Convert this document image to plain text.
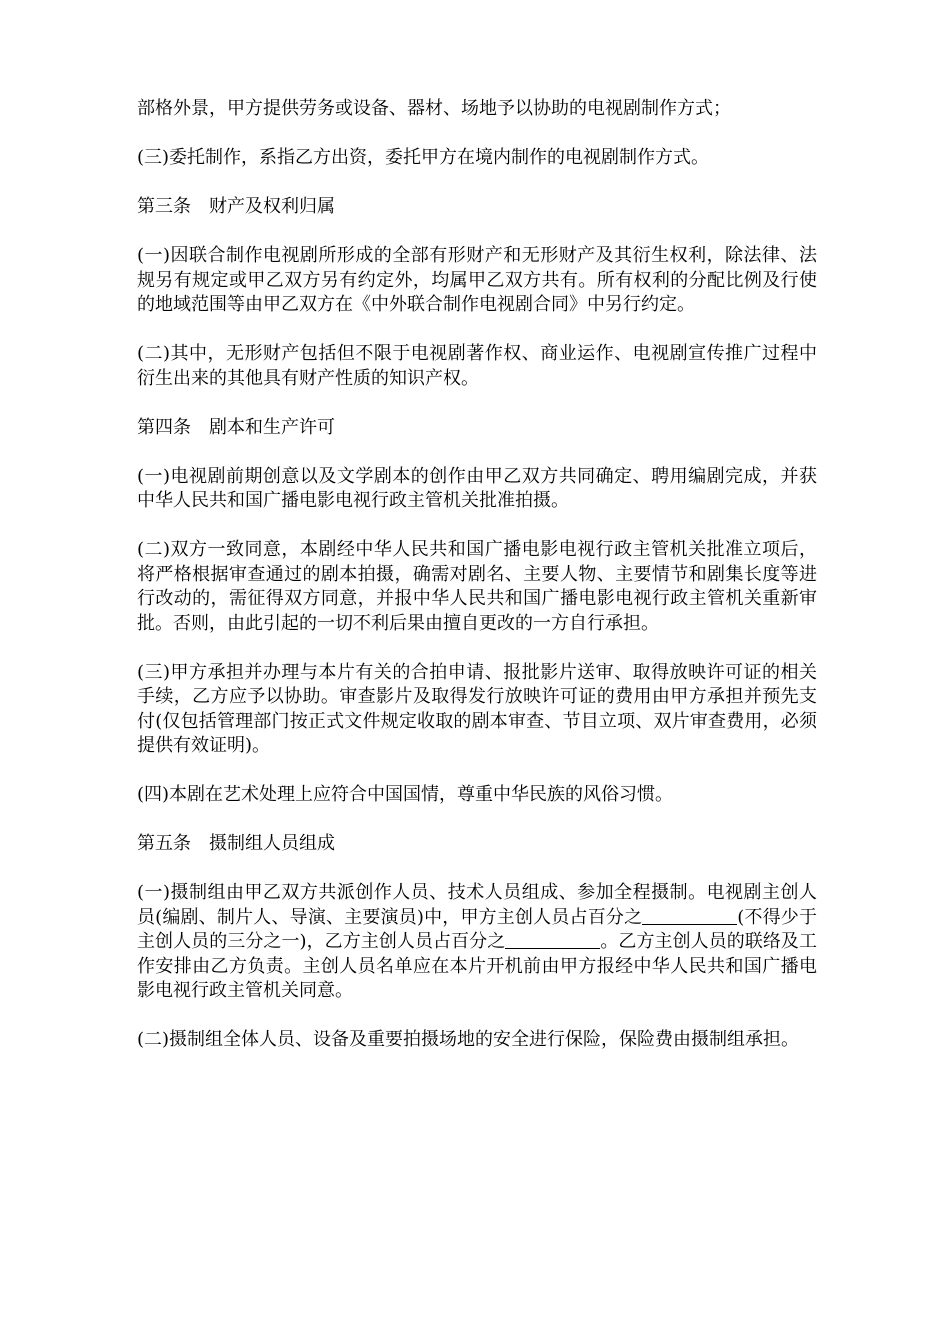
部格外景，甲方提供劳务或设备、器材、场地予以协助的电视剧制作方式；

(三)委托制作，系指乙方出资，委托甲方在境内制作的电视剧制作方式。

第三条　财产及权利归属

(一)因联合制作电视剧所形成的全部有形财产和无形财产及其衍生权利，除法律、法规另有规定或甲乙双方另有约定外，均属甲乙双方共有。所有权利的分配比例及行使的地域范围等由甲乙双方在《中外联合制作电视剧合同》中另行约定。

(二)其中，无形财产包括但不限于电视剧著作权、商业运作、电视剧宣传推广过程中衍生出来的其他具有财产性质的知识产权。

第四条　剧本和生产许可

(一)电视剧前期创意以及文学剧本的创作由甲乙双方共同确定、聘用编剧完成，并获中华人民共和国广播电影电视行政主管机关批准拍摄。

(二)双方一致同意，本剧经中华人民共和国广播电影电视行政主管机关批准立项后，将严格根据审查通过的剧本拍摄，确需对剧名、主要人物、主要情节和剧集长度等进行改动的，需征得双方同意，并报中华人民共和国广播电影电视行政主管机关重新审批。否则，由此引起的一切不利后果由擅自更改的一方自行承担。

(三)甲方承担并办理与本片有关的合拍申请、报批影片送审、取得放映许可证的相关手续，乙方应予以协助。审查影片及取得发行放映许可证的费用由甲方承担并预先支付(仅包括管理部门按正式文件规定收取的剧本审查、节目立项、双片审查费用，必须提供有效证明)。

(四)本剧在艺术处理上应符合中国国情，尊重中华民族的风俗习惯。

第五条　摄制组人员组成

(一)摄制组由甲乙双方共派创作人员、技术人员组成、参加全程摄制。电视剧主创人员(编剧、制片人、导演、主要演员)中，甲方主创人员占百分之	(不得少于主创人员的三分之一)，乙方主创人员占百分之	。乙方主创人员的联络及工作安排由乙方负责。主创人员名单应在本片开机前由甲方报经中华人民共和国广播电影电视行政主管机关同意。

(二)摄制组全体人员、设备及重要拍摄场地的安全进行保险，保险费由摄制组承担。
